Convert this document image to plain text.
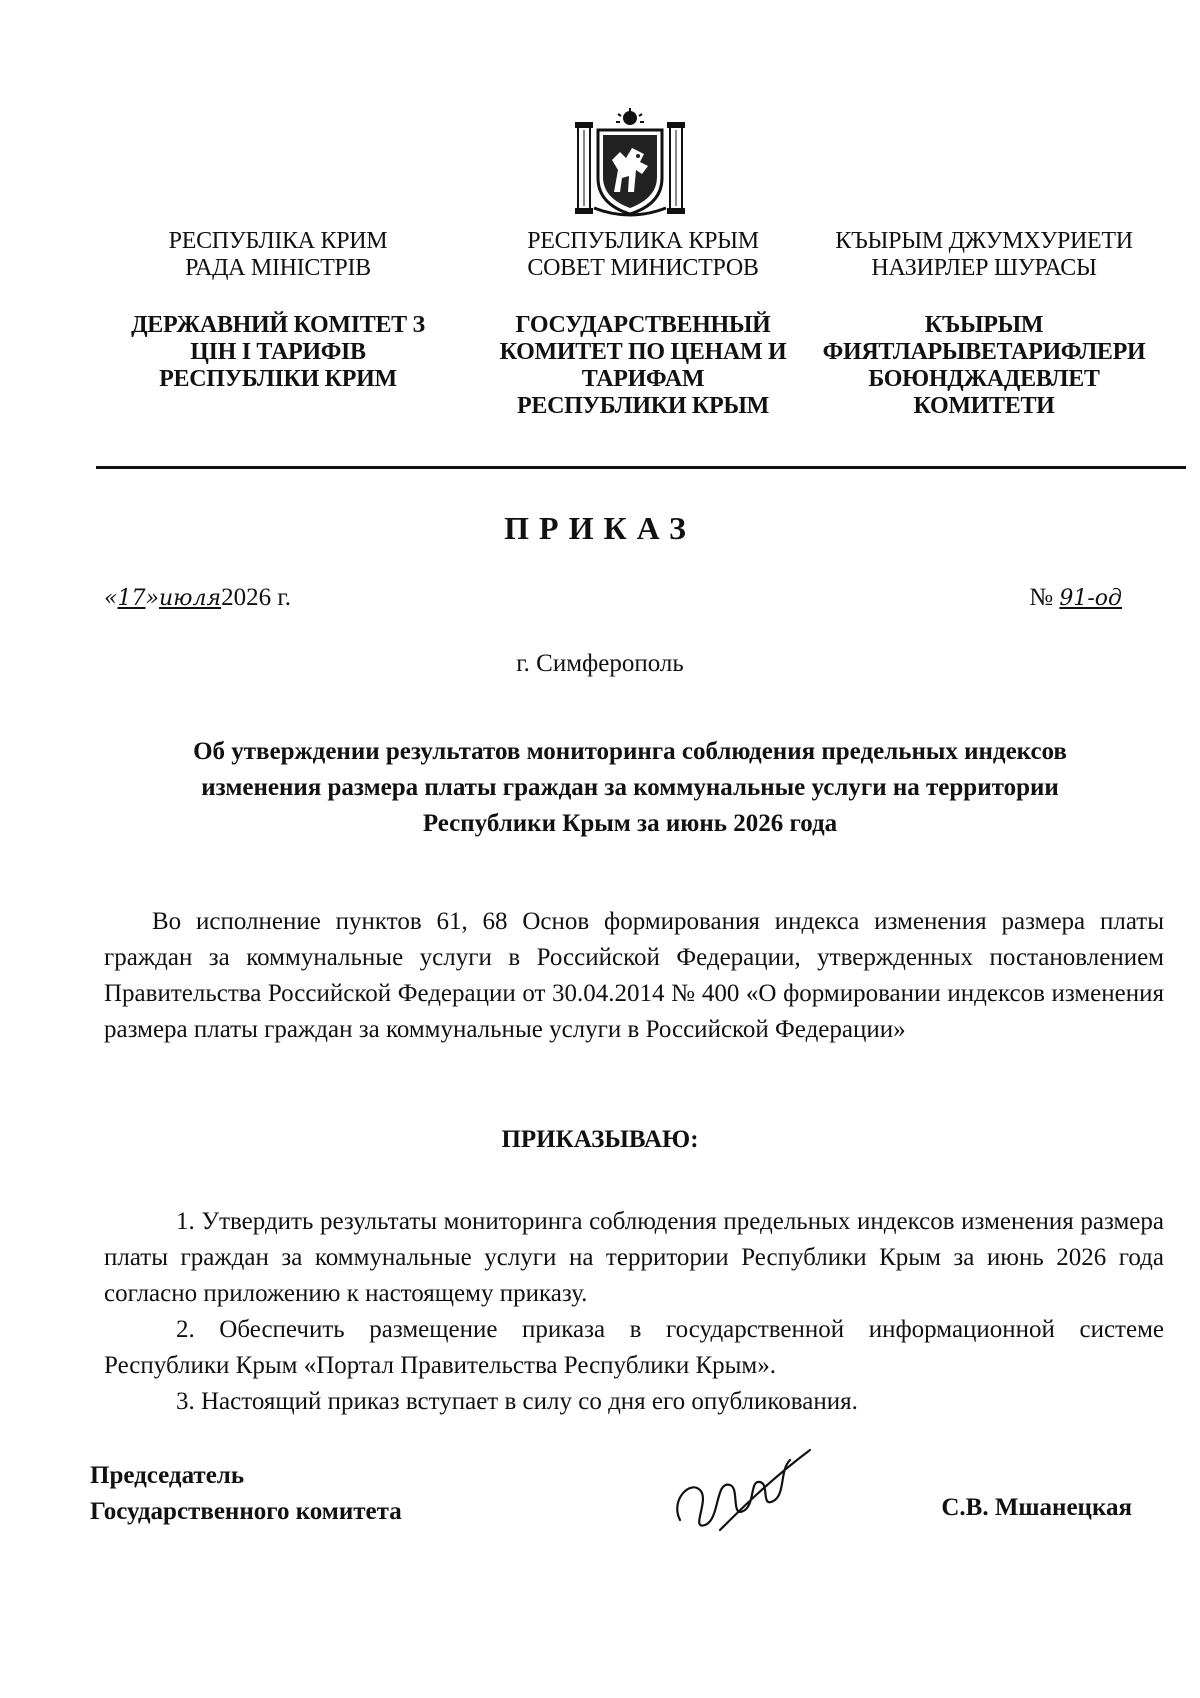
РЕСПУБЛІКА КРИМ
РАДА МІНІСТРІВ
ДЕРЖАВНИЙ КОМІТЕТ З
ЦІН І ТАРИФІВ
РЕСПУБЛІКИ КРИМ
РЕСПУБЛИКА КРЫМ
СОВЕТ МИНИСТРОВ
ГОСУДАРСТВЕННЫЙ
КОМИТЕТ ПО ЦЕНАМ И
ТАРИФАМ
РЕСПУБЛИКИ КРЫМ
КЪЫРЫМ ДЖУМХУРИЕТИ
НАЗИРЛЕР ШУРАСЫ
КЪЫРЫМ
ФИЯТЛАРЫВЕТАРИФЛЕРИ
БОЮНДЖАДЕВЛЕТ
КОМИТЕТИ
ПРИКАЗ
«17»июля2026 г.	№ 91-од
г. Симферополь
Об утверждении результатов мониторинга соблюдения предельных индексов изменения размера платы граждан за коммунальные услуги на территории Республики Крым за июнь 2026 года

Во исполнение пунктов 61, 68 Основ формирования индекса изменения размера платы граждан за коммунальные услуги в Российской Федерации, утвержденных постановлением Правительства Российской Федерации от 30.04.2014 № 400 «О формировании индексов изменения размера платы граждан за коммунальные услуги в Российской Федерации»

ПРИКАЗЫВАЮ:

1. Утвердить результаты мониторинга соблюдения предельных индексов изменения размера платы граждан за коммунальные услуги на территории Республики Крым за июнь 2026 года согласно приложению к настоящему приказу.

2. Обеспечить размещение приказа в государственной информационной системе Республики Крым «Портал Правительства Республики Крым».

3. Настоящий приказ вступает в силу со дня его опубликования.

Председатель
Государственного комитета	С.В. Мшанецкая
